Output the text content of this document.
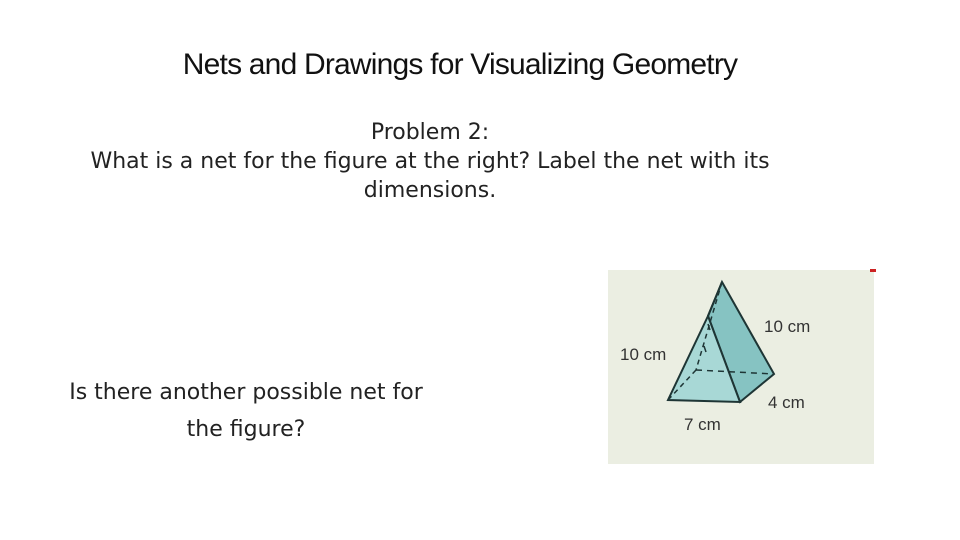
Nets and Drawings for Visualizing Geometry
Problem 2:
What is a net for the figure at the right? Label the net with its dimensions.
Is there another possible net for the figure?
10 cm
10 cm
4 cm
7 cm
